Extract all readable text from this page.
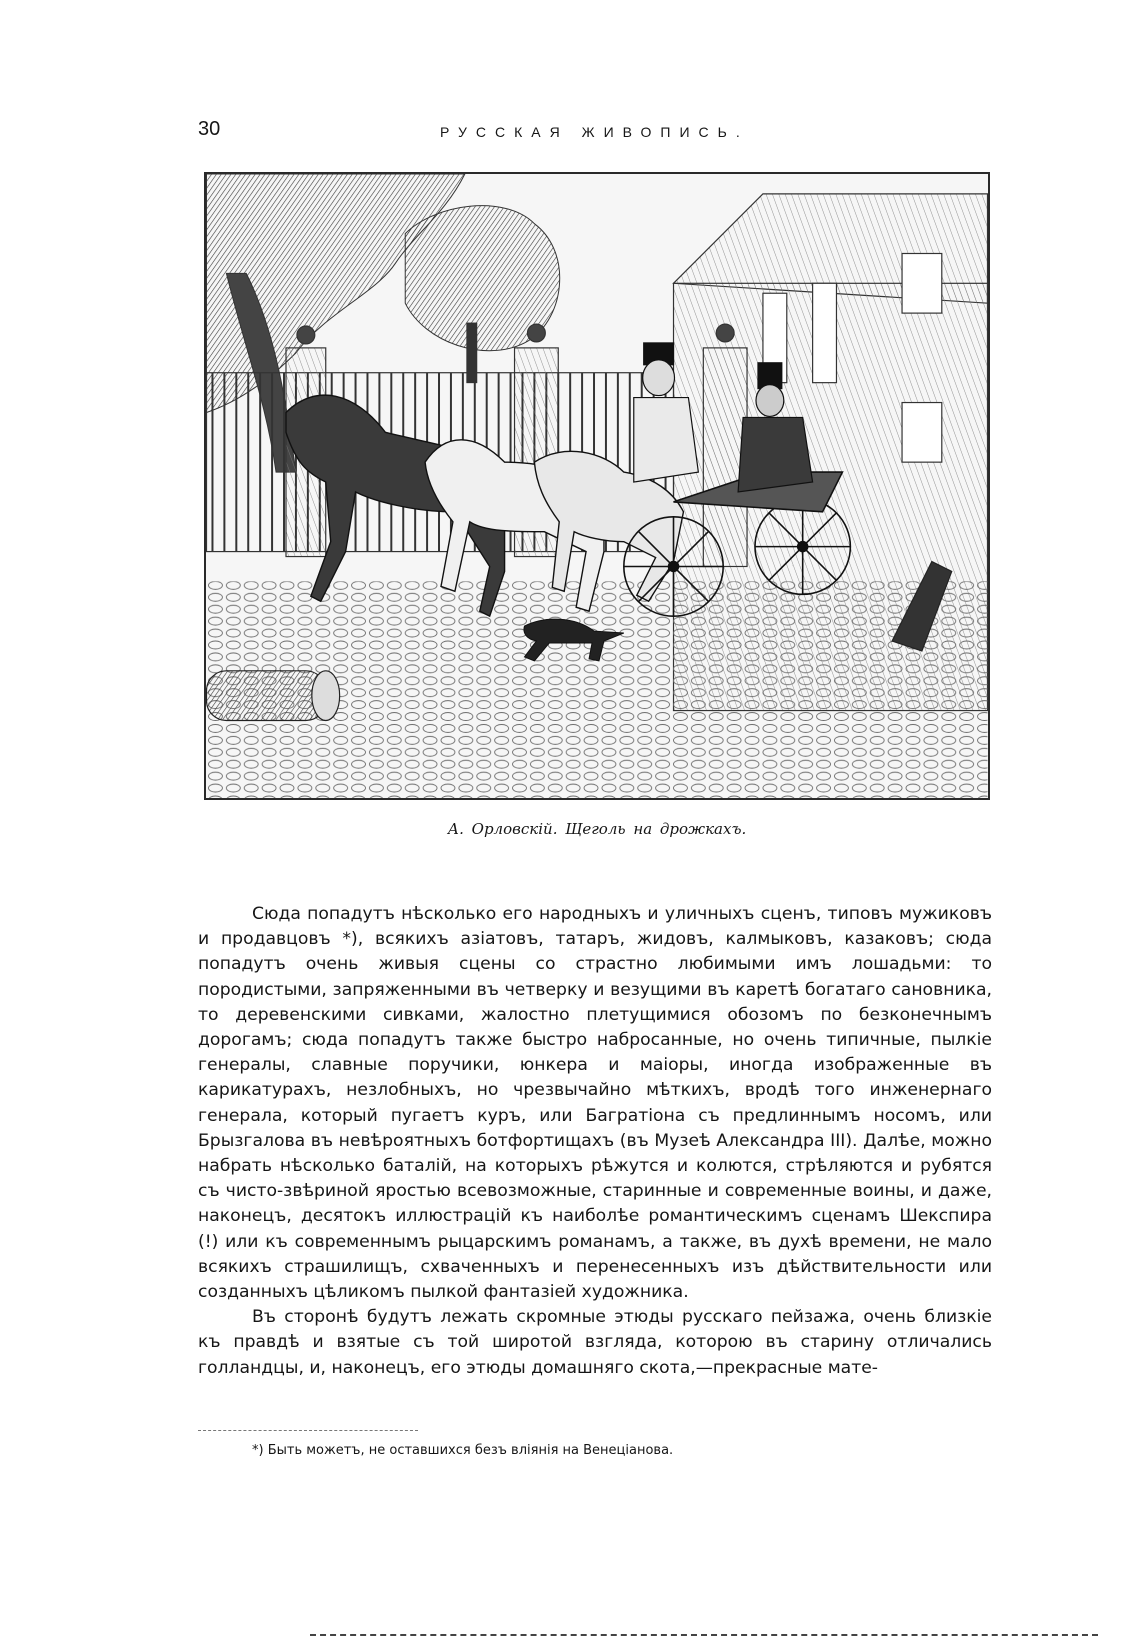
30	РУССКАЯ ЖИВОПИСЬ.
А. Орловскій. Щеголь на дрожкахъ.

Сюда попадутъ нѣсколько его народныхъ и уличныхъ сценъ, типовъ мужиковъ и продавцовъ *), всякихъ азіатовъ, татаръ, жидовъ, калмыковъ, казаковъ; сюда попадутъ очень живыя сцены со страстно любимыми имъ лошадьми: то породистыми, запряженными въ четверку и везущими въ каретѣ богатаго сановника, то деревенскими сивками, жалостно плетущимися обозомъ по безконечнымъ дорогамъ; сюда попадутъ также быстро набросанные, но очень типичные, пылкіе генералы, славные поручики, юнкера и маіоры, иногда изображенные въ карикатурахъ, незлобныхъ, но чрезвычайно мѣткихъ, вродѣ того инженернаго генерала, который пугаетъ куръ, или Багратіона съ предлиннымъ носомъ, или Брызгалова въ невѣроятныхъ ботфортищахъ (въ Музеѣ Александра III). Далѣе, можно набрать нѣсколько баталій, на которыхъ рѣжутся и колются, стрѣляются и рубятся съ чисто-звѣриной яростью всевозможные, старинные и современные воины, и даже, наконецъ, десятокъ иллюстрацій къ наиболѣе романтическимъ сценамъ Шекспира (!) или къ современнымъ рыцарскимъ романамъ, а также, въ духѣ времени, не мало всякихъ страшилищъ, схваченныхъ и перенесенныхъ изъ дѣйствительности или созданныхъ цѣликомъ пылкой фантазіей художника.

Въ сторонѣ будутъ лежать скромные этюды русскаго пейзажа, очень близкіе къ правдѣ и взятые съ той широтой взгляда, которою въ старину отличались голландцы, и, наконецъ, его этюды домашняго скота,—прекрасные мате-

*) Быть можетъ, не оставшихся безъ вліянія на Венеціанова.
